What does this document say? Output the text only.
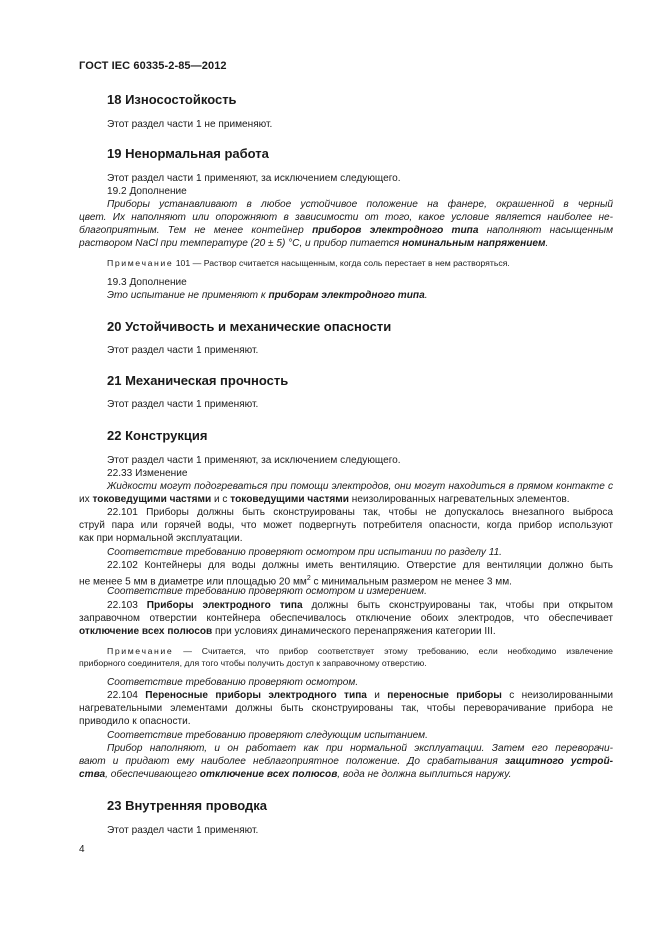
ГОСТ IEC 60335-2-85—2012
18 Износостойкость
Этот раздел части 1 не применяют.
19 Ненормальная работа
Этот раздел части 1 применяют, за исключением следующего.
19.2 Дополнение
Приборы устанавливают в любое устойчивое положение на фанере, окрашенной в черный
цвет. Их наполняют или опорожняют в зависимости от того, какое условие является наиболее не-
благоприятным. Тем не менее контейнер приборов электродного типа наполняют насыщенным
раствором NaCl при температуре (20 ± 5) °С, и прибор питается номинальным напряжением.
Примечание 101 — Раствор считается насыщенным, когда соль перестает в нем растворяться.
19.3 Дополнение
Это испытание не применяют к приборам электродного типа.
20 Устойчивость и механические опасности
Этот раздел части 1 применяют.
21 Механическая прочность
Этот раздел части 1 применяют.
22 Конструкция
Этот раздел части 1 применяют, за исключением следующего.
22.33 Изменение
Жидкости могут подогреваться при помощи электродов, они могут находиться в прямом контакте с
их токоведущими частями и с токоведущими частями неизолированных нагревательных элементов.
22.101 Приборы должны быть сконструированы так, чтобы не допускалось внезапного выброса
струй пара или горячей воды, что может подвергнуть потребителя опасности, когда прибор используют
как при нормальной эксплуатации.
Соответствие требованию проверяют осмотром при испытании по разделу 11.
22.102 Контейнеры для воды должны иметь вентиляцию. Отверстие для вентиляции должно быть
не менее 5 мм в диаметре или площадью 20 $мм^2$ с минимальным размером не менее 3 мм.
Соответствие требованию проверяют осмотром и измерением.
22.103 Приборы электродного типа должны быть сконструированы так, чтобы при открытом
заправочном отверстии контейнера обеспечивалось отключение обоих электродов, что обеспечивает
отключение всех полюсов при условиях динамического перенапряжения категории III.
Примечание — Считается, что прибор соответствует этому требованию, если необходимо извлечение
приборного соединителя, для того чтобы получить доступ к заправочному отверстию.
Соответствие требованию проверяют осмотром.
22.104 Переносные приборы электродного типа и переносные приборы с неизолированными
нагревательными элементами должны быть сконструированы так, чтобы переворачивание прибора не
приводило к опасности.
Соответствие требованию проверяют следующим испытанием.
Прибор наполняют, и он работает как при нормальной эксплуатации. Затем его переворачи-
вают и придают ему наиболее неблагоприятное положение. До срабатывания защитного устрой-
ства, обеспечивающего отключение всех полюсов, вода не должна выплиться наружу.
23 Внутренняя проводка
Этот раздел части 1 применяют.
4
